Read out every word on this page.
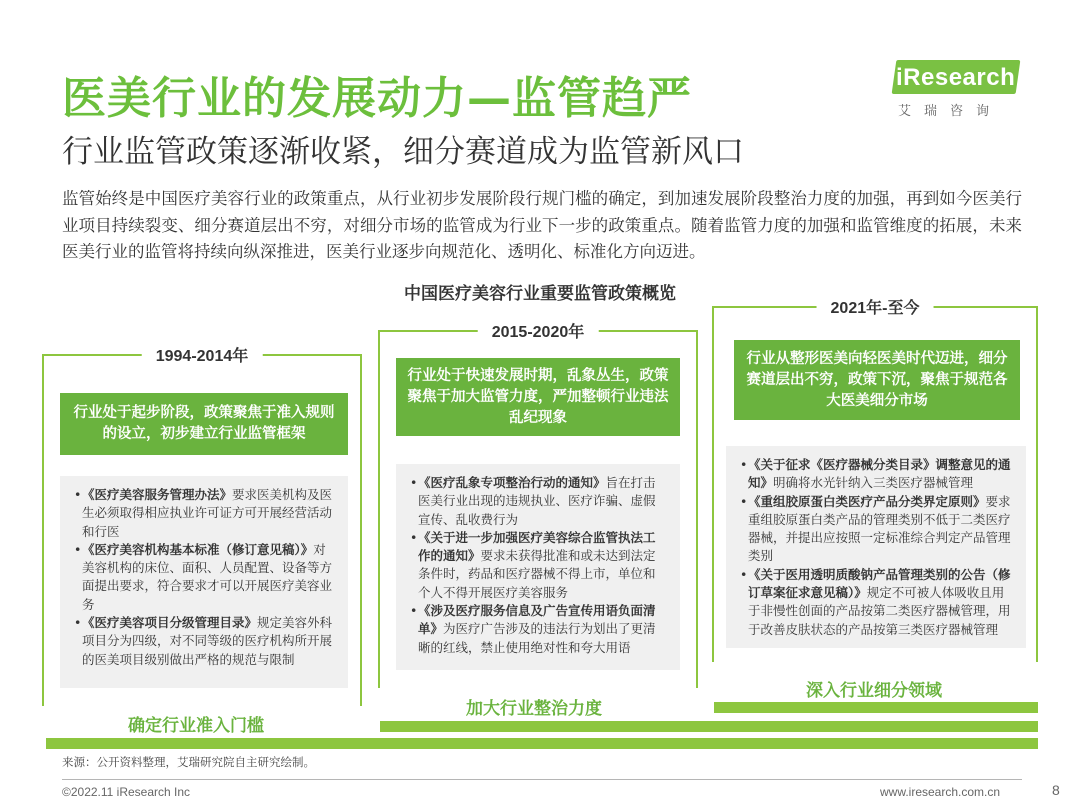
医美行业的发展动力—监管趋严
行业监管政策逐渐收紧，细分赛道成为监管新风口
iResearch
艾瑞咨询
监管始终是中国医疗美容行业的政策重点，从行业初步发展阶段行规门槛的确定，到加速发展阶段整治力度的加强，再到如今医美行业项目持续裂变、细分赛道层出不穷，对细分市场的监管成为行业下一步的政策重点。随着监管力度的加强和监管维度的拓展，未来医美行业的监管将持续向纵深推进，医美行业逐步向规范化、透明化、标准化方向迈进。
中国医疗美容行业重要监管政策概览
1994-2014年
行业处于起步阶段，政策聚焦于准入规则的设立，初步建立行业监管框架

• 《医疗美容服务管理办法》要求医美机构及医生必须取得相应执业许可证方可开展经营活动和行医

• 《医疗美容机构基本标准（修订意见稿）》对美容机构的床位、面积、人员配置、设备等方面提出要求，符合要求才可以开展医疗美容业务

• 《医疗美容项目分级管理目录》规定美容外科项目分为四级，对不同等级的医疗机构所开展的医美项目级别做出严格的规范与限制

2015-2020年
行业处于快速发展时期，乱象丛生，政策聚焦于加大监管力度，严加整顿行业违法乱纪现象

• 《医疗乱象专项整治行动的通知》旨在打击医美行业出现的违规执业、医疗诈骗、虚假宣传、乱收费行为

• 《关于进一步加强医疗美容综合监管执法工作的通知》要求未获得批准和或未达到法定条件时，药品和医疗器械不得上市，单位和个人不得开展医疗美容服务

• 《涉及医疗服务信息及广告宣传用语负面清单》为医疗广告涉及的违法行为划出了更清晰的红线，禁止使用绝对性和夸大用语

2021年-至今
行业从整形医美向轻医美时代迈进，细分赛道层出不穷，政策下沉，聚焦于规范各大医美细分市场

• 《关于征求《医疗器械分类目录》调整意见的通知》明确将水光针纳入三类医疗器械管理

• 《重组胶原蛋白类医疗产品分类界定原则》要求重组胶原蛋白类产品的管理类别不低于二类医疗器械，并提出应按照一定标准综合判定产品管理类别

• 《关于医用透明质酸钠产品管理类别的公告（修订草案征求意见稿）》规定不可被人体吸收且用于非慢性创面的产品按第二类医疗器械管理，用于改善皮肤状态的产品按第三类医疗器械管理

确定行业准入门槛
加大行业整治力度
深入行业细分领域
来源：公开资料整理，艾瑞研究院自主研究绘制。
©2022.11 iResearch Inc	www.iresearch.com.cn	8
